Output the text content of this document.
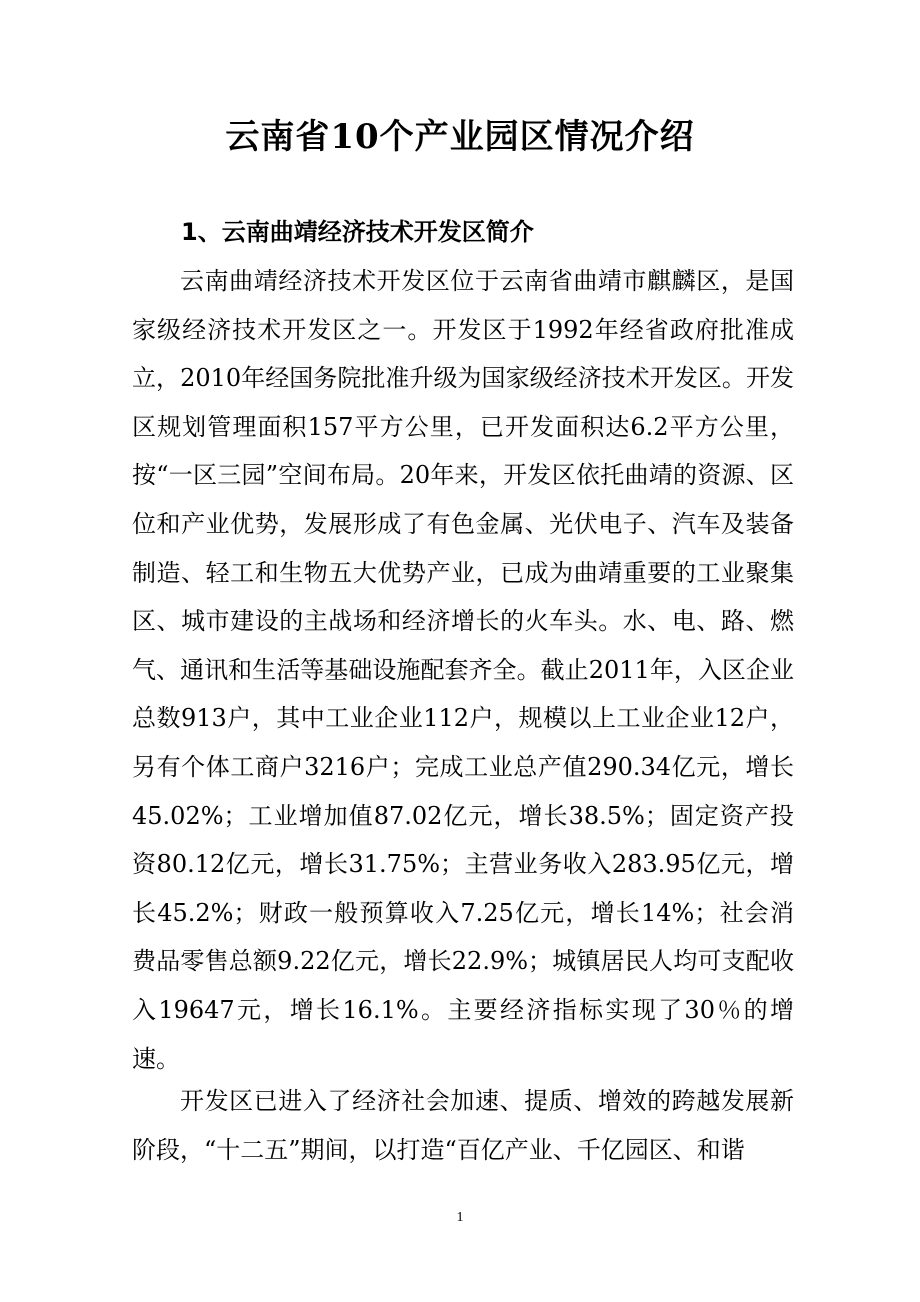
云南省10个产业园区情况介绍
1、云南曲靖经济技术开发区简介

云南曲靖经济技术开发区位于云南省曲靖市麒麟区，是国家级经济技术开发区之一。开发区于1992年经省政府批准成立，2010年经国务院批准升级为国家级经济技术开发区。开发区规划管理面积157平方公里，已开发面积达6.2平方公里，按“一区三园”空间布局。20年来，开发区依托曲靖的资源、区位和产业优势，发展形成了有色金属、光伏电子、汽车及装备制造、轻工和生物五大优势产业，已成为曲靖重要的工业聚集区、城市建设的主战场和经济增长的火车头。水、电、路、燃气、通讯和生活等基础设施配套齐全。截止2011年，入区企业总数913户，其中工业企业112户，规模以上工业企业12户，另有个体工商户3216户；完成工业总产值290.34亿元，增长45.02%；工业增加值87.02亿元，增长38.5%；固定资产投资80.12亿元，增长31.75%；主营业务收入283.95亿元，增长45.2%；财政一般预算收入7.25亿元，增长14%；社会消费品零售总额9.22亿元，增长22.9%；城镇居民人均可支配收入19647元，增长16.1%。主要经济指标实现了30％的增速。

开发区已进入了经济社会加速、提质、增效的跨越发展新阶段，“十二五”期间，以打造“百亿产业、千亿园区、和谐

1
